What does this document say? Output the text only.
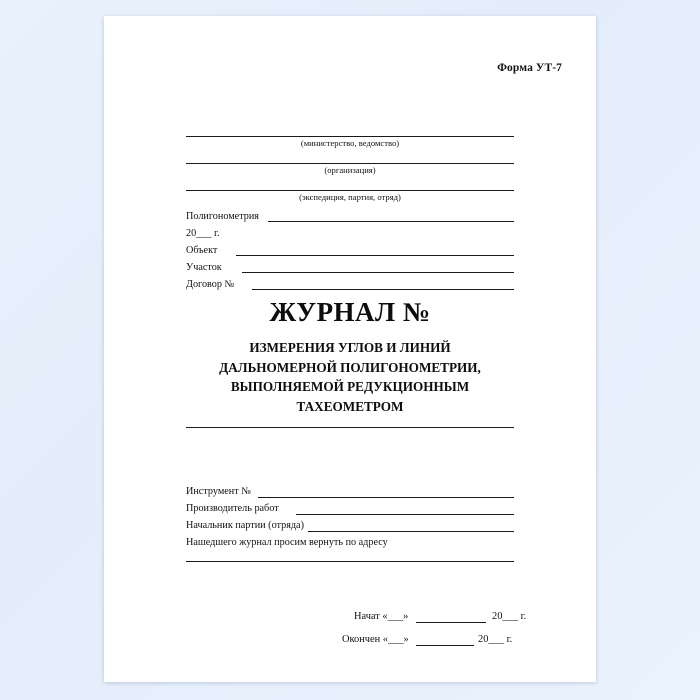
Форма УТ-7
(министерство, ведомство)
(организация)
(экспедиция, партия, отряд)
Полигонометрия
20___ г.
Объект
Участок
Договор №
ЖУРНАЛ №
ИЗМЕРЕНИЯ УГЛОВ И ЛИНИЙ
ДАЛЬНОМЕРНОЙ ПОЛИГОНОМЕТРИИ,
ВЫПОЛНЯЕМОЙ РЕДУКЦИОННЫМ
ТАХЕОМЕТРОМ
Инструмент №
Производитель работ
Начальник партии (отряда)
Нашедшего журнал просим вернуть по адресу
Начат «___»	20___ г.
Окончен «___»	20___ г.
